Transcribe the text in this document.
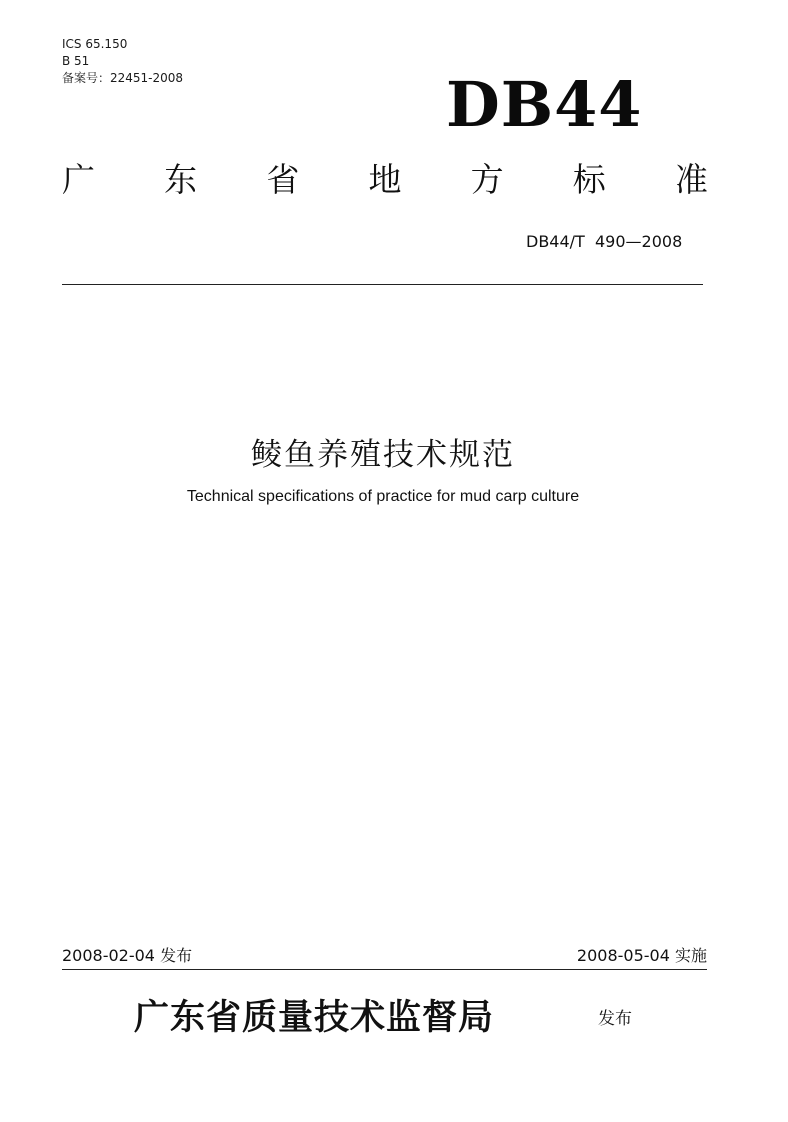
ICS 65.150
B 51
备案号：22451-2008	DB44
广 东 省 地 方 标 准
DB44/T  490—2008
鲮鱼养殖技术规范
Technical specifications of practice for mud carp culture
2008-02-04 发布	2008-05-04 实施
广东省质量技术监督局	发布
